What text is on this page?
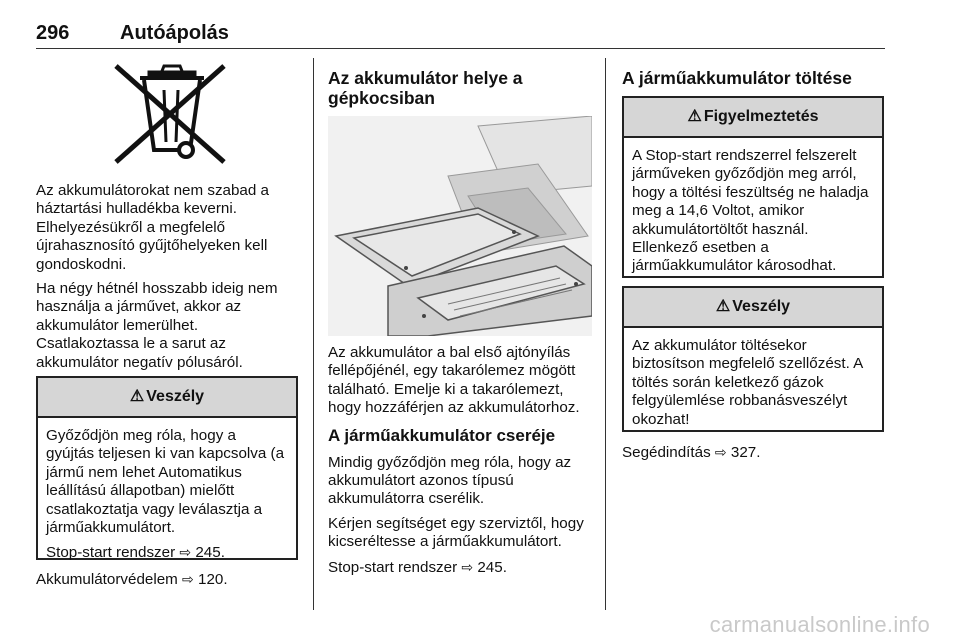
296	Autóápolás

Az akkumulátorokat nem szabad a háztartási hulladékba keverni. Elhelyezésükről a megfelelő újrahasznosító gyűjtőhelyeken kell gondoskodni.

Ha négy hétnél hosszabb ideig nem használja a járművet, akkor az akkumulátor lemerülhet. Csatlakoztassa le a sarut az akkumulátor negatív pólusáról.

⚠ Veszély

Győződjön meg róla, hogy a gyújtás teljesen ki van kapcsolva (a jármű nem lehet Automatikus leállítású állapotban) mielőtt csatlakoztatja vagy leválasztja a járműakkumulátort.

Stop-start rendszer ⇨ 245.

Akkumulátorvédelem ⇨ 120.
Az akkumulátor helye a gépkocsiban

Az akkumulátor a bal első ajtónyílás fellépőjénél, egy takarólemez mögött található. Emelje ki a takarólemezt, hogy hozzáférjen az akkumulátorhoz.

A járműakkumulátor cseréje

Mindig győződjön meg róla, hogy az akkumulátort azonos típusú akkumulátorra cserélik.

Kérjen segítséget egy szerviztől, hogy kicseréltesse a járműakkumulátort.

Stop-start rendszer ⇨ 245.

A járműakkumulátor töltése
⚠ Figyelmeztetés

A Stop-start rendszerrel felszerelt járműveken győződjön meg arról, hogy a töltési feszültség ne haladja meg a 14,6 Voltot, amikor akkumulátortöltőt használ. Ellenkező esetben a járműakkumulátor károsodhat.

⚠ Veszély

Az akkumulátor töltésekor biztosítson megfelelő szellőzést. A töltés során keletkező gázok felgyülemlése robbanásveszélyt okozhat!

Segédindítás ⇨ 327.
carmanualsonline.info
